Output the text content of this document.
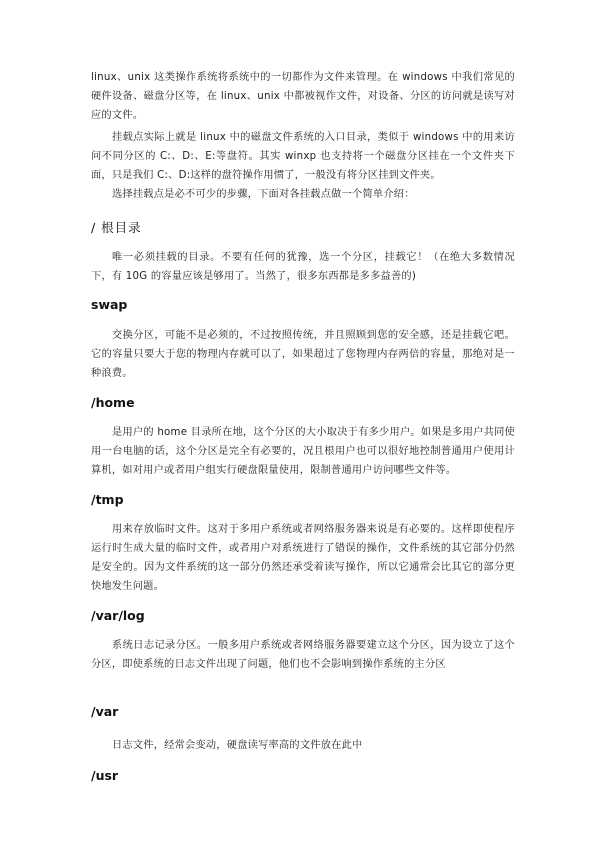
linux、unix 这类操作系统将系统中的一切都作为文件来管理。在 windows 中我们常见的硬件设备、磁盘分区等，在 linux、unix 中都被视作文件，对设备、分区的访问就是读写对应的文件。

挂载点实际上就是 linux 中的磁盘文件系统的入口目录，类似于 windows 中的用来访问不同分区的 C:、D:、E:等盘符。其实 winxp 也支持将一个磁盘分区挂在一个文件夹下面，只是我们 C:、D:这样的盘符操作用惯了，一般没有将分区挂到文件夹。

选择挂载点是必不可少的步骤，下面对各挂载点做一个简单介绍：

/ 根目录

唯一必须挂载的目录。不要有任何的犹豫，选一个分区，挂载它！（在绝大多数情况下，有 10G 的容量应该是够用了。当然了，很多东西都是多多益善的)

swap

交换分区，可能不是必须的，不过按照传统，并且照顾到您的安全感，还是挂载它吧。它的容量只要大于您的物理内存就可以了，如果超过了您物理内存两倍的容量，那绝对是一种浪费。

/home

是用户的 home 目录所在地，这个分区的大小取决于有多少用户。如果是多用户共同使用一台电脑的话，这个分区是完全有必要的，况且根用户也可以很好地控制普通用户使用计算机，如对用户或者用户组实行硬盘限量使用，限制普通用户访问哪些文件等。

/tmp

用来存放临时文件。这对于多用户系统或者网络服务器来说是有必要的。这样即使程序运行时生成大量的临时文件，或者用户对系统进行了错误的操作，文件系统的其它部分仍然是安全的。因为文件系统的这一部分仍然还承受着读写操作，所以它通常会比其它的部分更快地发生问题。

/var/log

系统日志记录分区。一般多用户系统或者网络服务器要建立这个分区，因为设立了这个分区，即使系统的日志文件出现了问题，他们也不会影响到操作系统的主分区

/var

日志文件，经常会变动，硬盘读写率高的文件放在此中

/usr
